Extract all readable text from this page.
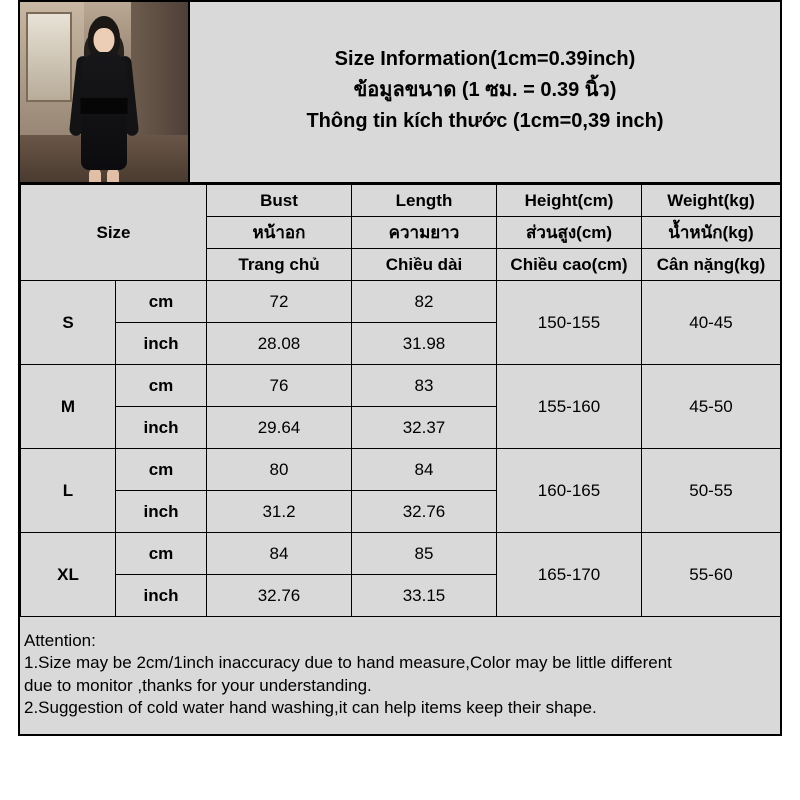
Size Information(1cm=0.39inch)
ข้อมูลขนาด (1 ซม. = 0.39 นิ้ว)
Thông tin kích thước (1cm=0,39 inch)
Size		Bust	Length	Height(cm)	Weight(kg)
		หน้าอก	ความยาว	ส่วนสูง(cm)	น้ำหนัก(kg)
		Trang chủ	Chiều dài	Chiều cao(cm)	Cân nặng(kg)
S	cm	72	82	150-155	40-45
	inch	28.08	31.98		
M	cm	76	83	155-160	45-50
	inch	29.64	32.37		
L	cm	80	84	160-165	50-55
	inch	31.2	32.76		
XL	cm	84	85	165-170	55-60
	inch	32.76	33.15		

Attention:

1.Size may be 2cm/1inch inaccuracy due to hand measure,Color may be little different

due to monitor ,thanks for your understanding.

2.Suggestion of cold water hand washing,it can help items keep their shape.
